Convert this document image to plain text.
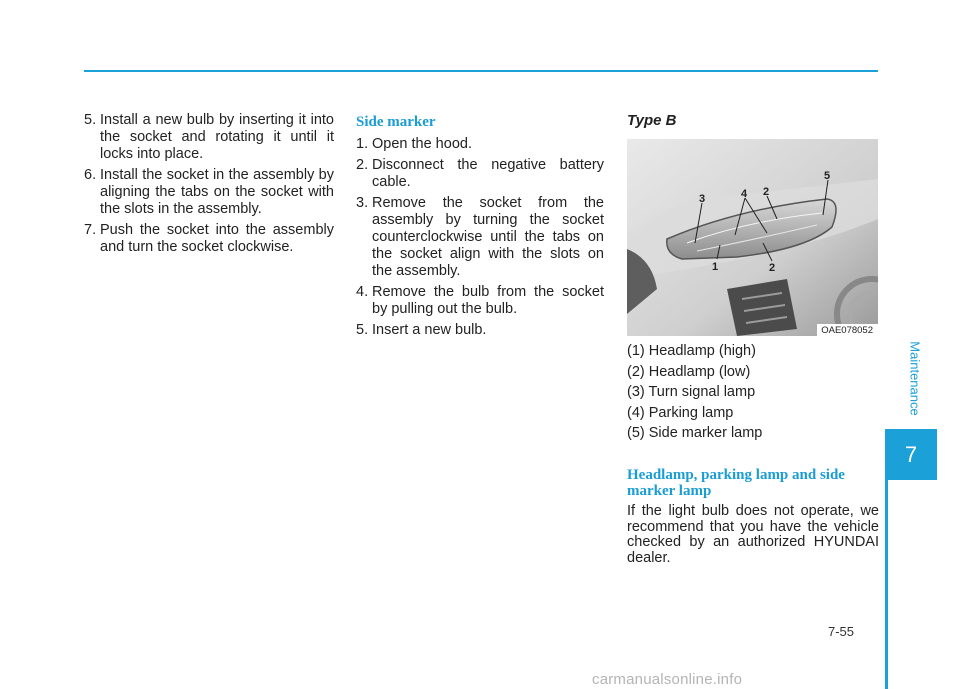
5. Install a new bulb by inserting it into the socket and rotating it until it locks into place.
6. Install the socket in the assembly by aligning the tabs on the socket with the slots in the assembly.
7. Push the socket into the assembly and turn the socket clockwise.
Side marker
1. Open the hood.
2. Disconnect the negative battery cable.
3. Remove the socket from the assembly by turning the socket counterclockwise until the tabs on the socket align with the slots on the assembly.
4. Remove the bulb from the socket by pulling out the bulb.
5. Insert a new bulb.
Type B
3	4 2
5
1	2
OAE078052
(1) Headlamp (high)
(2) Headlamp (low)
(3) Turn signal lamp
(4) Parking lamp
(5) Side marker lamp
Headlamp, parking lamp and side
marker lamp

If the light bulb does not operate, we recommend that you have the vehicle checked by an authorized HYUNDAI dealer.

Maintenance
7
7-55
carmanualsonline.info
